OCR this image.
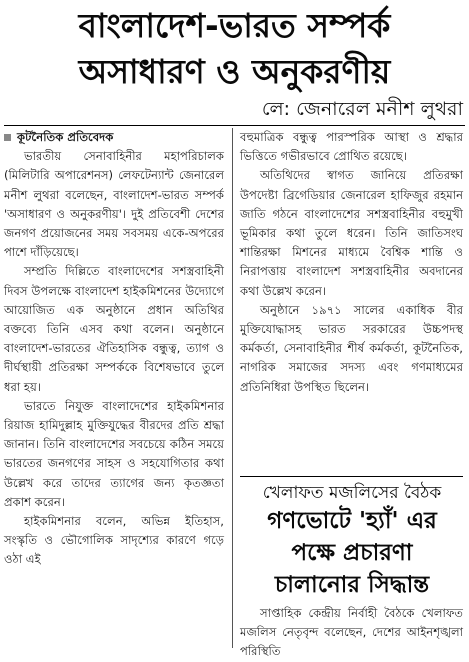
বাংলাদেশ-ভারত সম্পর্ক
অসাধারণ ও অনুকরণীয়
লে: জেনারেল মনীশ লুথরা

কূটনৈতিক প্রতিবেদক

ভারতীয় সেনাবাহিনীর মহাপরিচালক (মিলিটারি অপারেশনস) লেফটেন্যান্ট জেনারেল মনীশ লুথরা বলেছেন, বাংলাদেশ-ভারত সম্পর্ক 'অসাধারণ ও অনুকরণীয়'। দুই প্রতিবেশী দেশের জনগণ প্রয়োজনের সময় সবসময় একে-অপরের পাশে দাঁড়িয়েছে।

সম্প্রতি দিল্লিতে বাংলাদেশের সশস্ত্রবাহিনী দিবস উপলক্ষে বাংলাদেশ হাইকমিশনের উদ্যোগে আয়োজিত এক অনুষ্ঠানে প্রধান অতিথির বক্তব্যে তিনি এসব কথা বলেন। অনুষ্ঠানে বাংলাদেশ-ভারতের ঐতিহাসিক বন্ধুত্ব, ত্যাগ ও দীর্ঘস্থায়ী প্রতিরক্ষা সম্পর্ককে বিশেষভাবে তুলে ধরা হয়।

ভারতে নিযুক্ত বাংলাদেশের হাইকমিশনার রিয়াজ হামিদুল্লাহ মুক্তিযুদ্ধের বীরদের প্রতি শ্রদ্ধা জানান। তিনি বাংলাদেশের সবচেয়ে কঠিন সময়ে ভারতের জনগণের সাহস ও সহযোগিতার কথা উল্লেখ করে তাদের ত্যাগের জন্য কৃতজ্ঞতা প্রকাশ করেন।

হাইকমিশনার বলেন, অভিন্ন ইতিহাস, সংস্কৃতি ও ভৌগোলিক সাদৃশ্যের কারণে গড়ে ওঠা এই

বহুমাত্রিক বন্ধুত্ব পারস্পরিক আস্থা ও শ্রদ্ধার ভিত্তিতে গভীরভাবে প্রোথিত রয়েছে।

অতিথিদের স্বাগত জানিয়ে প্রতিরক্ষা উপদেষ্টা ব্রিগেডিয়ার জেনারেল হাফিজুর রহমান জাতি গঠনে বাংলাদেশের সশস্ত্রবাহিনীর বহুমুখী ভূমিকার কথা তুলে ধরেন। তিনি জাতিসংঘ শান্তিরক্ষা মিশনের মাধ্যমে বৈশ্বিক শান্তি ও নিরাপত্তায় বাংলাদেশ সশস্ত্রবাহিনীর অবদানের কথা উল্লেখ করেন।

অনুষ্ঠানে ১৯৭১ সালের একাধিক বীর মুক্তিযোদ্ধাসহ ভারত সরকারের উচ্চপদস্থ কর্মকর্তা, সেনাবাহিনীর শীর্ষ কর্মকর্তা, কূটনৈতিক, নাগরিক সমাজের সদস্য এবং গণমাধ্যমের প্রতিনিধিরা উপস্থিত ছিলেন।

খেলাফত মজলিসের বৈঠক
গণভোটে 'হ্যাঁ' এর
পক্ষে প্রচারণা
চালানোর সিদ্ধান্ত

সাপ্তাহিক কেন্দ্রীয় নির্বাহী বৈঠকে খেলাফত মজলিস নেতৃবৃন্দ বলেছেন, দেশের আইনশৃঙ্খলা পরিস্থিতি
